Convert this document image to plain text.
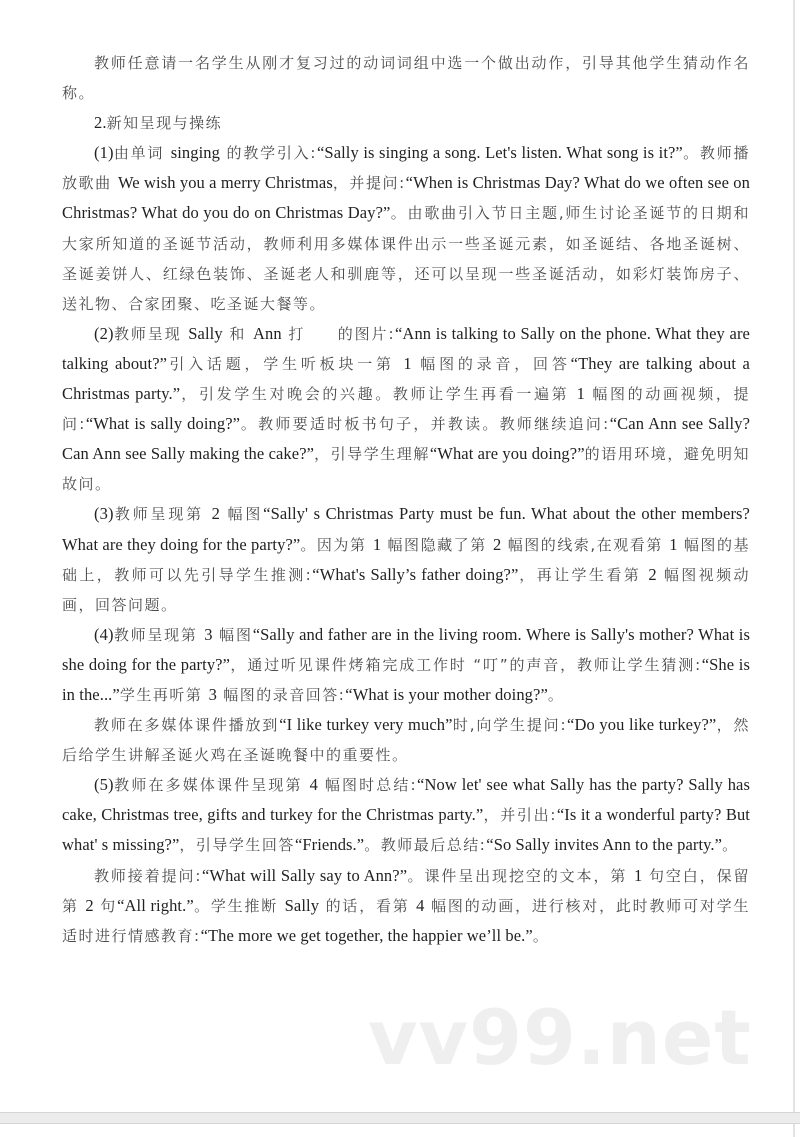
教师任意请一名学生从刚才复习过的动词词组中选一个做出动作，引导其他学生猜动作名称。

2.新知呈现与操练

(1)由单词 singing 的教学引入:“Sally is singing a song. Let's listen. What song is it?”。教师播放歌曲 We wish you a merry Christmas，并提问:“When is Christmas Day? What do we often see on Christmas? What do you do on Christmas Day?”。由歌曲引入节日主题,师生讨论圣诞节的日期和大家所知道的圣诞节活动，教师利用多媒体课件出示一些圣诞元素，如圣诞结、各地圣诞树、圣诞姜饼人、红绿色装饰、圣诞老人和驯鹿等，还可以呈现一些圣诞活动，如彩灯装饰房子、送礼物、合家团聚、吃圣诞大餐等。

(2)教师呈现 Sally 和 Ann 打 的图片:“Ann is talking to Sally on the phone. What they are talking about?”引入话题，学生听板块一第 1 幅图的录音，回答“They are talking about a Christmas party.”，引发学生对晚会的兴趣。教师让学生再看一遍第 1 幅图的动画视频，提问:“What is sally doing?”。教师要适时板书句子，并教读。教师继续追问:“Can Ann see Sally? Can Ann see Sally making the cake?”，引导学生理解“What are you doing?”的语用环境，避免明知故问。

(3)教师呈现第 2 幅图“Sally' s Christmas Party must be fun. What about the other members? What are they doing for the party?”。因为第 1 幅图隐藏了第 2 幅图的线索,在观看第 1 幅图的基础上，教师可以先引导学生推测:“What's Sally’s father doing?”，再让学生看第 2 幅图视频动画，回答问题。

(4)教师呈现第 3 幅图“Sally and father are in the living room. Where is Sally's mother? What is she doing for the party?”，通过听见课件烤箱完成工作时 “叮”的声音，教师让学生猜测:“She is in the...”学生再听第 3 幅图的录音回答:“What is your mother doing?”。

教师在多媒体课件播放到“I like turkey very much”时,向学生提问:“Do you like turkey?”，然后给学生讲解圣诞火鸡在圣诞晚餐中的重要性。

(5)教师在多媒体课件呈现第 4 幅图时总结:“Now let' see what Sally has the party? Sally has cake, Christmas tree, gifts and turkey for the Christmas party.”，并引出:“Is it a wonderful party? But what' s missing?”，引导学生回答“Friends.”。教师最后总结:“So Sally invites Ann to the party.”。

教师接着提问:“What will Sally say to Ann?”。课件呈出现挖空的文本，第 1 句空白，保留第 2 句“All right.”。学生推断 Sally 的话，看第 4 幅图的动画，进行核对，此时教师可对学生适时进行情感教育:“The more we get together, the happier we’ll be.”。

vv99.net
